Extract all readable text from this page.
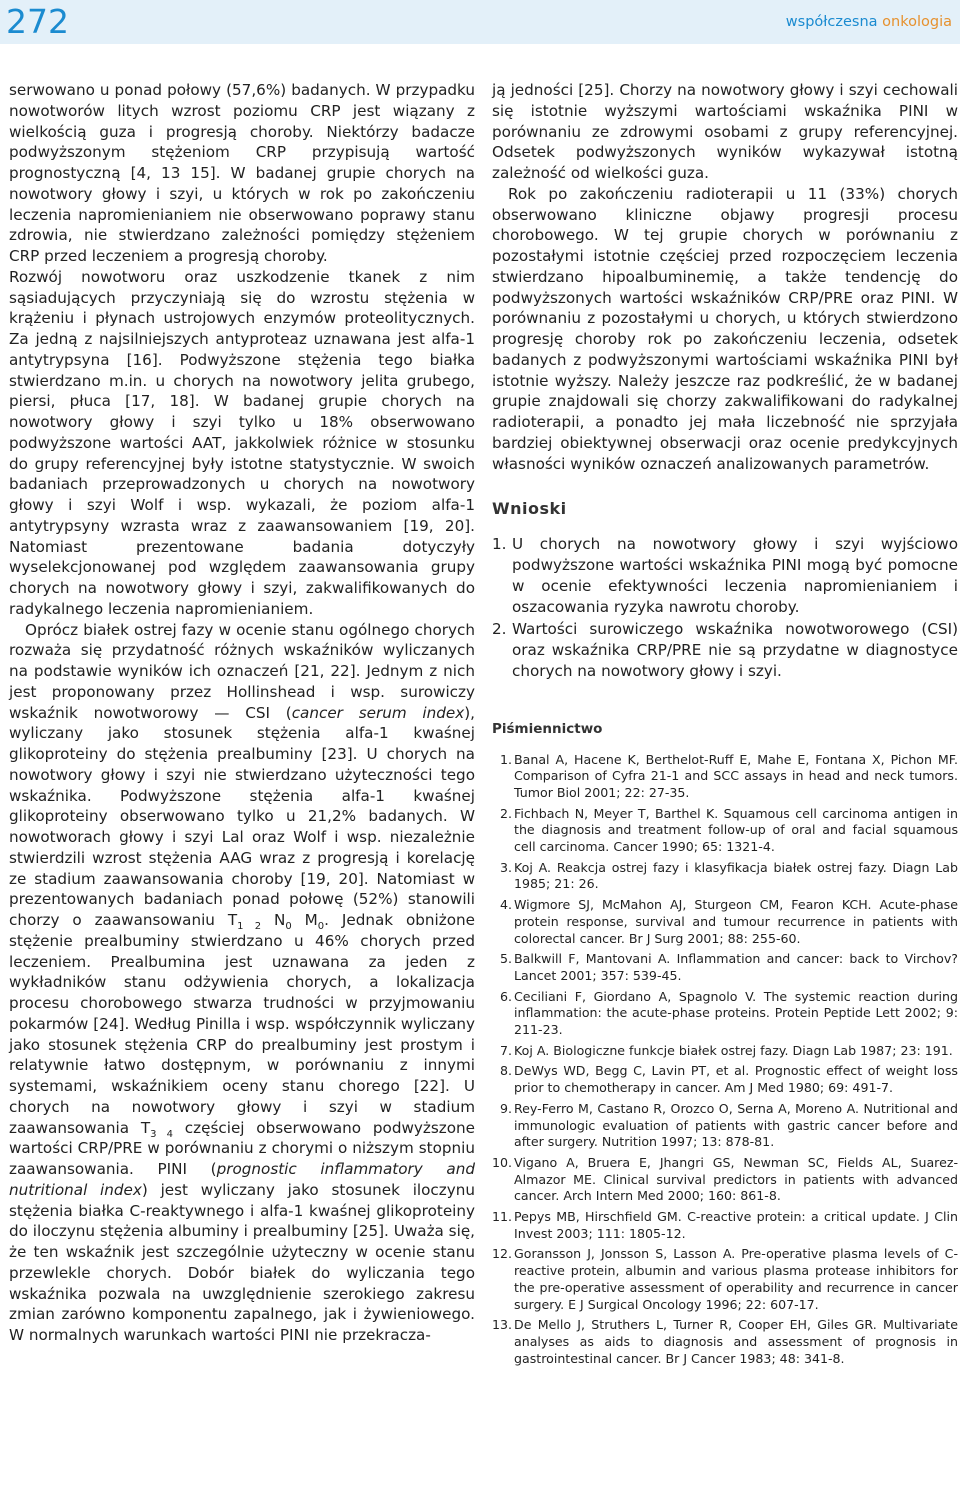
272	współczesna onkologia

serwowano u ponad połowy (57,6%) badanych. W przypadku nowotworów litych wzrost poziomu CRP jest wiązany z wielkością guza i progresją choroby. Niektórzy badacze podwyższonym stężeniom CRP przypisują wartość prognostyczną [4, 13 15]. W badanej grupie chorych na nowotwory głowy i szyi, u których w rok po zakończeniu leczenia napromienianiem nie obserwowano poprawy stanu zdrowia, nie stwierdzano zależności pomiędzy stężeniem CRP przed leczeniem a progresją choroby.

Rozwój nowotworu oraz uszkodzenie tkanek z nim sąsiadujących przyczyniają się do wzrostu stężenia w krążeniu i płynach ustrojowych enzymów proteolitycznych. Za jedną z najsilniejszych antyproteaz uznawana jest alfa-1 antytrypsyna [16]. Podwyższone stężenia tego białka stwierdzano m.in. u chorych na nowotwory jelita grubego, piersi, płuca [17, 18]. W badanej grupie chorych na nowotwory głowy i szyi tylko u 18% obserwowano podwyższone wartości AAT, jakkolwiek różnice w stosunku do grupy referencyjnej były istotne statystycznie. W swoich badaniach przeprowadzonych u chorych na nowotwory głowy i szyi Wolf i wsp. wykazali, że poziom alfa-1 antytrypsyny wzrasta wraz z zaawansowaniem [19, 20]. Natomiast prezentowane badania dotyczyły wyselekcjonowanej pod względem zaawansowania grupy chorych na nowotwory głowy i szyi, zakwalifikowanych do radykalnego leczenia napromienianiem.

Oprócz białek ostrej fazy w ocenie stanu ogólnego chorych rozważa się przydatność różnych wskaźników wyliczanych na podstawie wyników ich oznaczeń [21, 22]. Jednym z nich jest proponowany przez Hollinshead i wsp. surowiczy wskaźnik nowotworowy — CSI (cancer serum index), wyliczany jako stosunek stężenia alfa-1 kwaśnej glikoproteiny do stężenia prealbuminy [23]. U chorych na nowotwory głowy i szyi nie stwierdzano użyteczności tego wskaźnika. Podwyższone stężenia alfa-1 kwaśnej glikoproteiny obserwowano tylko u 21,2% badanych. W nowotworach głowy i szyi Lal oraz Wolf i wsp. niezależnie stwierdzili wzrost stężenia AAG wraz z progresją i korelację ze stadium zaawansowania choroby [19, 20]. Natomiast w prezentowanych badaniach ponad połowę (52%) stanowili chorzy o zaawansowaniu $T_{1 2}$ $N_0$ $M_0$. Jednak obniżone stężenie prealbuminy stwierdzano u 46% chorych przed leczeniem. Prealbumina jest uznawana za jeden z wykładników stanu odżywienia chorych, a lokalizacja procesu chorobowego stwarza trudności w przyjmowaniu pokarmów [24]. Według Pinilla i wsp. współczynnik wyliczany jako stosunek stężenia CRP do prealbuminy jest prostym i relatywnie łatwo dostępnym, w porównaniu z innymi systemami, wskaźnikiem oceny stanu chorego [22]. U chorych na nowotwory głowy i szyi w stadium zaawansowania $T_{3 4}$ częściej obserwowano podwyższone wartości CRP/PRE w porównaniu z chorymi o niższym stopniu zaawansowania. PINI (prognostic inflammatory and nutritional index) jest wyliczany jako stosunek iloczynu stężenia białka C-reaktywnego i alfa-1 kwaśnej glikoproteiny do iloczynu stężenia albuminy i prealbuminy [25]. Uważa się, że ten wskaźnik jest szczególnie użyteczny w ocenie stanu przewlekle chorych. Dobór białek do wyliczania tego wskaźnika pozwala na uwzględnienie szerokiego zakresu zmian zarówno komponentu zapalnego, jak i żywieniowego. W normalnych warunkach wartości PINI nie przekracza-

ją jedności [25]. Chorzy na nowotwory głowy i szyi cechowali się istotnie wyższymi wartościami wskaźnika PINI w porównaniu ze zdrowymi osobami z grupy referencyjnej. Odsetek podwyższonych wyników wykazywał istotną zależność od wielkości guza.

Rok po zakończeniu radioterapii u 11 (33%) chorych obserwowano kliniczne objawy progresji procesu chorobowego. W tej grupie chorych w porównaniu z pozostałymi istotnie częściej przed rozpoczęciem leczenia stwierdzano hipoalbuminemię, a także tendencję do podwyższonych wartości wskaźników CRP/PRE oraz PINI. W porównaniu z pozostałymi u chorych, u których stwierdzono progresję choroby rok po zakończeniu leczenia, odsetek badanych z podwyższonymi wartościami wskaźnika PINI był istotnie wyższy. Należy jeszcze raz podkreślić, że w badanej grupie znajdowali się chorzy zakwalifikowani do radykalnej radioterapii, a ponadto jej mała liczebność nie sprzyjała bardziej obiektywnej obserwacji oraz ocenie predykcyjnych własności wyników oznaczeń analizowanych parametrów.

Wnioski
1. U chorych na nowotwory głowy i szyi wyjściowo podwyższone wartości wskaźnika PINI mogą być pomocne w ocenie efektywności leczenia napromienianiem i oszacowania ryzyka nawrotu choroby.
2. Wartości surowiczego wskaźnika nowotworowego (CSI) oraz wskaźnika CRP/PRE nie są przydatne w diagnostyce chorych na nowotwory głowy i szyi.
Piśmiennictwo
1. Banal A, Hacene K, Berthelot-Ruff E, Mahe E, Fontana X, Pichon MF. Comparison of Cyfra 21-1 and SCC assays in head and neck tumors. Tumor Biol 2001; 22: 27-35.
2. Fichbach N, Meyer T, Barthel K. Squamous cell carcinoma antigen in the diagnosis and treatment follow-up of oral and facial squamous cell carcinoma. Cancer 1990; 65: 1321-4.
3. Koj A. Reakcja ostrej fazy i klasyfikacja białek ostrej fazy. Diagn Lab 1985; 21: 26.
4. Wigmore SJ, McMahon AJ, Sturgeon CM, Fearon KCH. Acute-phase protein response, survival and tumour recurrence in patients with colorectal cancer. Br J Surg 2001; 88: 255-60.
5. Balkwill F, Mantovani A. Inflammation and cancer: back to Virchov? Lancet 2001; 357: 539-45.
6. Ceciliani F, Giordano A, Spagnolo V. The systemic reaction during inflammation: the acute-phase proteins. Protein Peptide Lett 2002; 9: 211-23.
7. Koj A. Biologiczne funkcje białek ostrej fazy. Diagn Lab 1987; 23: 191.
8. DeWys WD, Begg C, Lavin PT, et al. Prognostic effect of weight loss prior to chemotherapy in cancer. Am J Med 1980; 69: 491-7.
9. Rey-Ferro M, Castano R, Orozco O, Serna A, Moreno A. Nutritional and immunologic evaluation of patients with gastric cancer before and after surgery. Nutrition 1997; 13: 878-81.
10. Vigano A, Bruera E, Jhangri GS, Newman SC, Fields AL, Suarez-Almazor ME. Clinical survival predictors in patients with advanced cancer. Arch Intern Med 2000; 160: 861-8.
11. Pepys MB, Hirschfield GM. C-reactive protein: a critical update. J Clin Invest 2003; 111: 1805-12.
12. Goransson J, Jonsson S, Lasson A. Pre-operative plasma levels of C-reactive protein, albumin and various plasma protease inhibitors for the pre-operative assessment of operability and recurrence in cancer surgery. E J Surgical Oncology 1996; 22: 607-17.
13. De Mello J, Struthers L, Turner R, Cooper EH, Giles GR. Multivariate analyses as aids to diagnosis and assessment of prognosis in gastrointestinal cancer. Br J Cancer 1983; 48: 341-8.
